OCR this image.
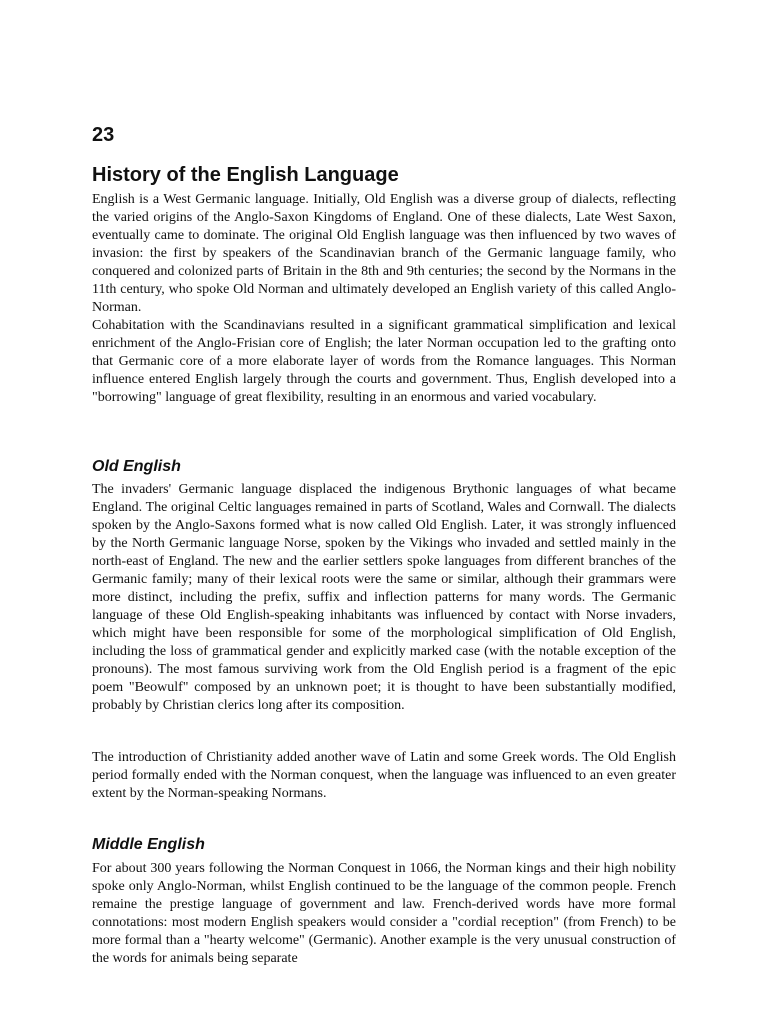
23
History of the English Language

English is a West Germanic language. Initially, Old English was a diverse group of dialects, reflecting the varied origins of the Anglo-Saxon Kingdoms of England. One of these dialects, Late West Saxon, eventually came to dominate. The original Old English language was then influenced by two waves of invasion: the first by speakers of the Scandinavian branch of the Germanic language family, who conquered and colonized parts of Britain in the 8th and 9th centuries; the second by the Normans in the 11th century, who spoke Old Norman and ultimately developed an English variety of this called Anglo-Norman.

Cohabitation with the Scandinavians resulted in a significant grammatical simplification and lexical enrichment of the Anglo-Frisian core of English; the later Norman occupation led to the grafting onto that Germanic core of a more elaborate layer of words from the Romance languages. This Norman influence entered English largely through the courts and government. Thus, English developed into a "borrowing" language of great flexibility, resulting in an enormous and varied vocabulary.

Old English

The invaders' Germanic language displaced the indigenous Brythonic languages of what became England. The original Celtic languages remained in parts of Scotland, Wales and Cornwall. The dialects spoken by the Anglo-Saxons formed what is now called Old English. Later, it was strongly influenced by the North Germanic language Norse, spoken by the Vikings who invaded and settled mainly in the north-east of England. The new and the earlier settlers spoke languages from different branches of the Germanic family; many of their lexical roots were the same or similar, although their grammars were more distinct, including the prefix, suffix and inflection patterns for many words. The Germanic language of these Old English-speaking inhabitants was influenced by contact with Norse invaders, which might have been responsible for some of the morphological simplification of Old English, including the loss of grammatical gender and explicitly marked case (with the notable exception of the pronouns). The most famous surviving work from the Old English period is a fragment of the epic poem "Beowulf" composed by an unknown poet; it is thought to have been substantially modified, probably by Christian clerics long after its composition.

The introduction of Christianity added another wave of Latin and some Greek words. The Old English period formally ended with the Norman conquest, when the language was influenced to an even greater extent by the Norman-speaking Normans.

Middle English

For about 300 years following the Norman Conquest in 1066, the Norman kings and their high nobility spoke only Anglo-Norman, whilst English continued to be the language of the common people. French remaine the prestige language of government and law. French-derived words have more formal connotations: most modern English speakers would consider a "cordial reception" (from French) to be more formal than a "hearty welcome" (Germanic). Another example is the very unusual construction of the words for animals being separate
